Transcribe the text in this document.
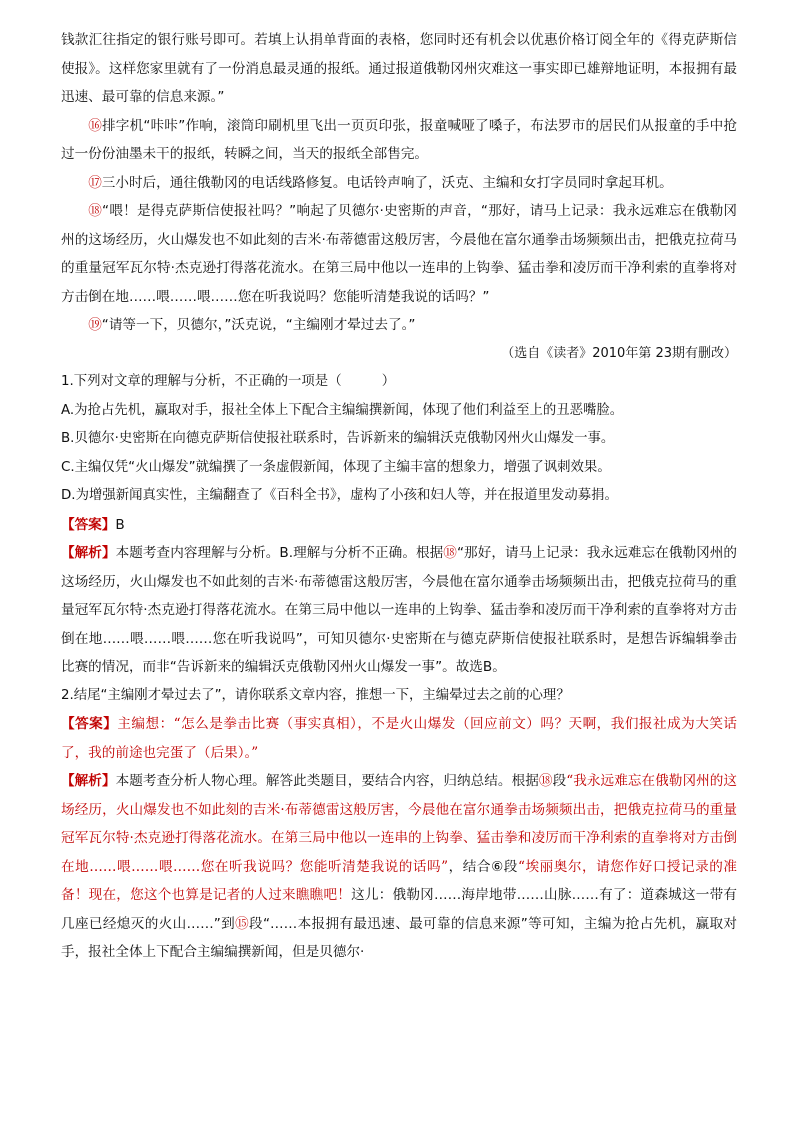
钱款汇往指定的银行账号即可。若填上认捐单背面的表格，您同时还有机会以优惠价格订阅全年的《得克萨斯信使报》。这样您家里就有了一份消息最灵通的报纸。通过报道俄勒冈州灾难这一事实即已雄辩地证明，本报拥有最迅速、最可靠的信息来源。”

⑯排字机“咔咔”作响，滚筒印刷机里飞出一页页印张，报童喊哑了嗓子，布法罗市的居民们从报童的手中抢过一份份油墨未干的报纸，转瞬之间，当天的报纸全部售完。

⑰三小时后，通往俄勒冈的电话线路修复。电话铃声响了，沃克、主编和女打字员同时拿起耳机。

⑱“喂！是得克萨斯信使报社吗？”响起了贝德尔·史密斯的声音，“那好，请马上记录：我永远难忘在俄勒冈州的这场经历，火山爆发也不如此刻的吉米·布蒂德雷这般厉害，今晨他在富尔通拳击场频频出击，把俄克拉荷马的重量冠军瓦尔特·杰克逊打得落花流水。在第三局中他以一连串的上钩拳、猛击拳和凌厉而干净利索的直拳将对方击倒在地……喂……喂……您在听我说吗？您能听清楚我说的话吗？”

⑲“请等一下，贝德尔，”沃克说，“主编刚才晕过去了。”

（选自《读者》2010年第 23期有删改）

1.下列对文章的理解与分析，不正确的一项是（　　　）

A.为抢占先机，赢取对手，报社全体上下配合主编编撰新闻，体现了他们利益至上的丑恶嘴脸。

B.贝德尔·史密斯在向德克萨斯信使报社联系时，告诉新来的编辑沃克俄勒冈州火山爆发一事。

C.主编仅凭“火山爆发”就编撰了一条虚假新闻，体现了主编丰富的想象力，增强了讽刺效果。

D.为增强新闻真实性，主编翻查了《百科全书》，虚构了小孩和妇人等，并在报道里发动募捐。

【答案】B

【解析】本题考查内容理解与分析。B.理解与分析不正确。根据⑱“那好，请马上记录：我永远难忘在俄勒冈州的这场经历，火山爆发也不如此刻的吉米·布蒂德雷这般厉害，今晨他在富尔通拳击场频频出击，把俄克拉荷马的重量冠军瓦尔特·杰克逊打得落花流水。在第三局中他以一连串的上钩拳、猛击拳和凌厉而干净利索的直拳将对方击倒在地……喂……喂……您在听我说吗”，可知贝德尔·史密斯在与德克萨斯信使报社联系时，是想告诉编辑拳击比赛的情况，而非“告诉新来的编辑沃克俄勒冈州火山爆发一事”。故选B。

2.结尾“主编刚才晕过去了”，请你联系文章内容，推想一下，主编晕过去之前的心理？

【答案】主编想：“怎么是拳击比赛（事实真相），不是火山爆发（回应前文）吗？天啊，我们报社成为大笑话了，我的前途也完蛋了（后果）。”

【解析】本题考查分析人物心理。解答此类题目，要结合内容，归纳总结。根据⑱段“我永远难忘在俄勒冈州的这场经历，火山爆发也不如此刻的吉米·布蒂德雷这般厉害，今晨他在富尔通拳击场频频出击，把俄克拉荷马的重量冠军瓦尔特·杰克逊打得落花流水。在第三局中他以一连串的上钩拳、猛击拳和凌厉而干净利索的直拳将对方击倒在地……喂……喂……您在听我说吗？您能听清楚我说的话吗”，结合⑥段“埃丽奥尔，请您作好口授记录的准备！现在，您这个也算是记者的人过来瞧瞧吧！这儿：俄勒冈……海岸地带……山脉……有了：道森城这一带有几座已经熄灭的火山……”到⑮段“……本报拥有最迅速、最可靠的信息来源”等可知，主编为抢占先机，赢取对手，报社全体上下配合主编编撰新闻，但是贝德尔·
